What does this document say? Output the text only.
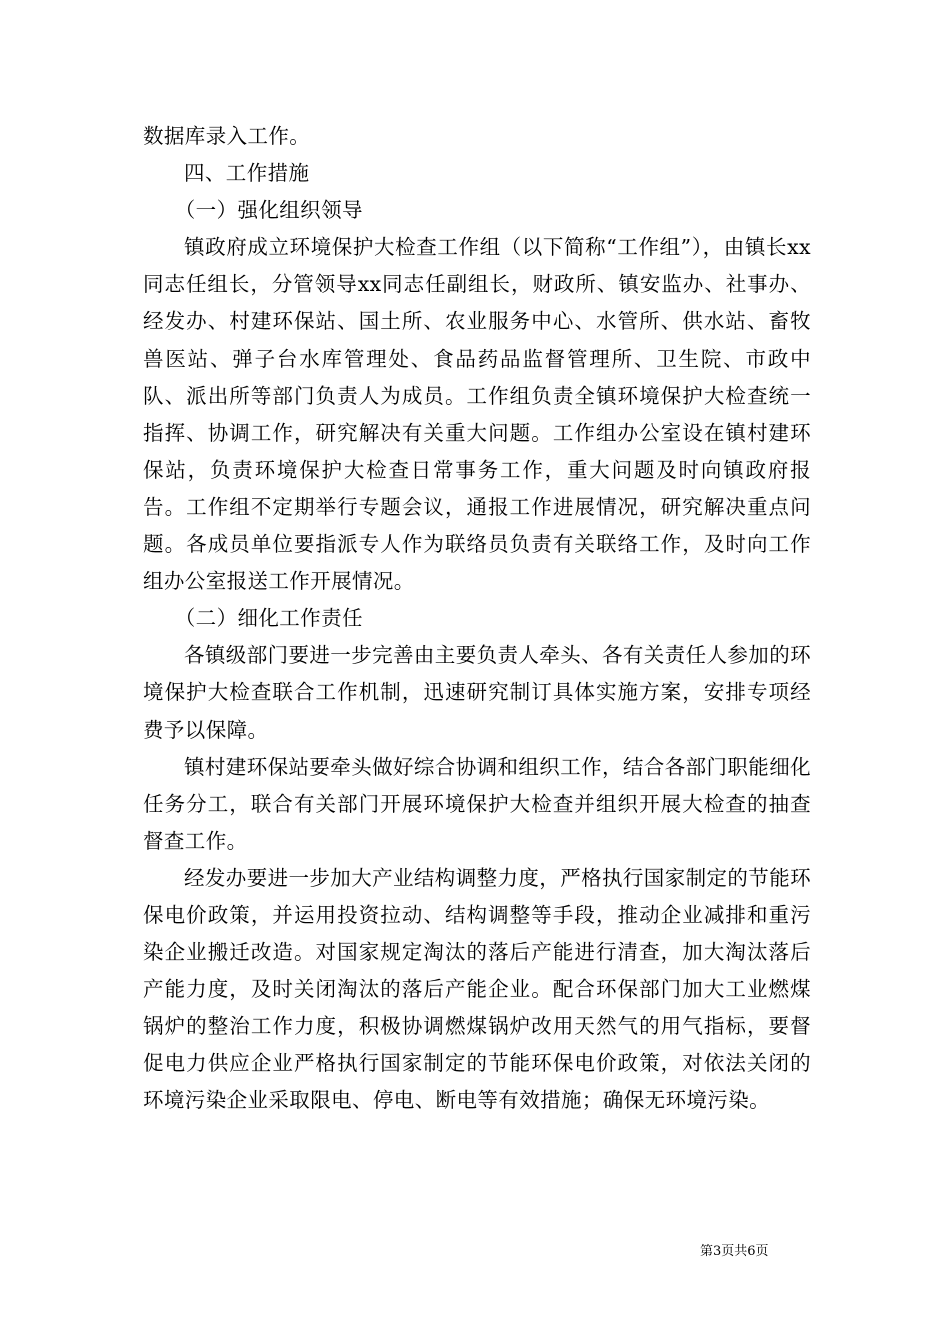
数据库录入工作。

四、工作措施

（一）强化组织领导

镇政府成立环境保护大检查工作组（以下简称“工作组”），由镇长xx同志任组长，分管领导xx同志任副组长，财政所、镇安监办、社事办、经发办、村建环保站、国土所、农业服务中心、水管所、供水站、畜牧兽医站、弹子台水库管理处、食品药品监督管理所、卫生院、市政中队、派出所等部门负责人为成员。工作组负责全镇环境保护大检查统一指挥、协调工作，研究解决有关重大问题。工作组办公室设在镇村建环保站，负责环境保护大检查日常事务工作，重大问题及时向镇政府报告。工作组不定期举行专题会议，通报工作进展情况，研究解决重点问题。各成员单位要指派专人作为联络员负责有关联络工作，及时向工作组办公室报送工作开展情况。

（二）细化工作责任

各镇级部门要进一步完善由主要负责人牵头、各有关责任人参加的环境保护大检查联合工作机制，迅速研究制订具体实施方案，安排专项经费予以保障。

镇村建环保站要牵头做好综合协调和组织工作，结合各部门职能细化任务分工，联合有关部门开展环境保护大检查并组织开展大检查的抽查督查工作。

经发办要进一步加大产业结构调整力度，严格执行国家制定的节能环保电价政策，并运用投资拉动、结构调整等手段，推动企业减排和重污染企业搬迁改造。对国家规定淘汰的落后产能进行清查，加大淘汰落后产能力度，及时关闭淘汰的落后产能企业。配合环保部门加大工业燃煤锅炉的整治工作力度，积极协调燃煤锅炉改用天然气的用气指标，要督促电力供应企业严格执行国家制定的节能环保电价政策，对依法关闭的环境污染企业采取限电、停电、断电等有效措施；确保无环境污染。

第3页共6页
